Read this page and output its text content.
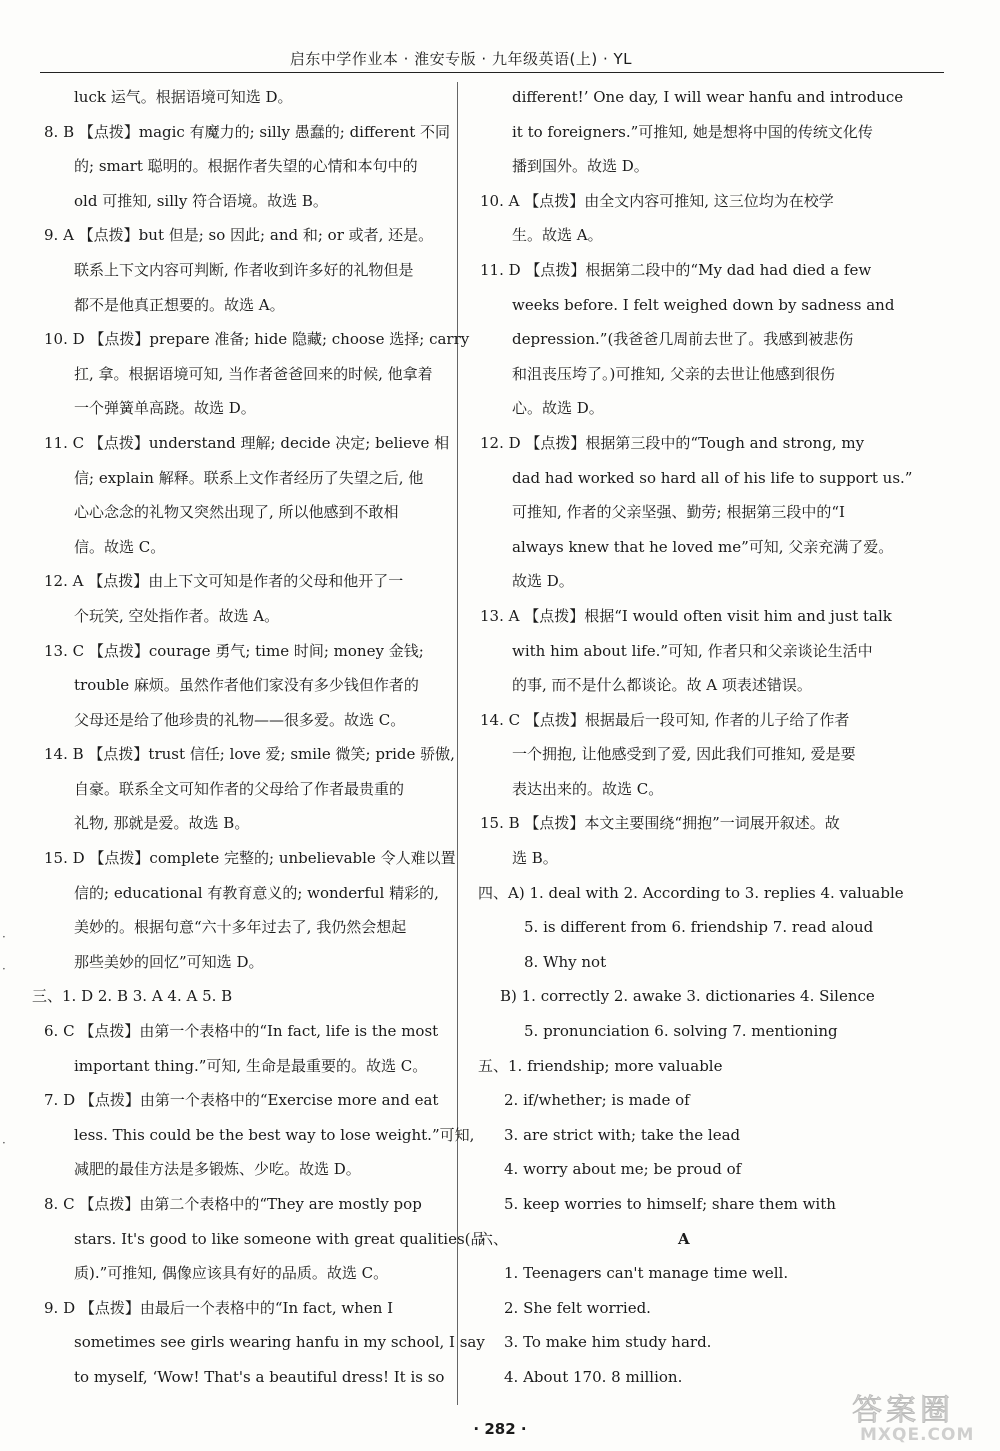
启东中学作业本 · 淮安专版 · 九年级英语(上) · YL
·
·
·
luck 运气。根据语境可知选 D。
8. B 【点拨】magic 有魔力的; silly 愚蠢的; different 不同
的; smart 聪明的。根据作者失望的心情和本句中的
old 可推知, silly 符合语境。故选 B。
9. A 【点拨】but 但是; so 因此; and 和; or 或者, 还是。
联系上下文内容可判断, 作者收到许多好的礼物但是
都不是他真正想要的。故选 A。
10. D 【点拨】prepare 准备; hide 隐藏; choose 选择; carry
扛, 拿。根据语境可知, 当作者爸爸回来的时候, 他拿着
一个弹簧单高跷。故选 D。
11. C 【点拨】understand 理解; decide 决定; believe 相
信; explain 解释。联系上文作者经历了失望之后, 他
心心念念的礼物又突然出现了, 所以他感到不敢相
信。故选 C。
12. A 【点拨】由上下文可知是作者的父母和他开了一
个玩笑, 空处指作者。故选 A。
13. C 【点拨】courage 勇气; time 时间; money 金钱;
trouble 麻烦。虽然作者他们家没有多少钱但作者的
父母还是给了他珍贵的礼物——很多爱。故选 C。
14. B 【点拨】trust 信任; love 爱; smile 微笑; pride 骄傲,
自豪。联系全文可知作者的父母给了作者最贵重的
礼物, 那就是爱。故选 B。
15. D 【点拨】complete 完整的; unbelievable 令人难以置
信的; educational 有教育意义的; wonderful 精彩的,
美妙的。根据句意“六十多年过去了, 我仍然会想起
那些美妙的回忆”可知选 D。
三、1. D 2. B 3. A 4. A 5. B
6. C 【点拨】由第一个表格中的“In fact, life is the most
important thing.”可知, 生命是最重要的。故选 C。
7. D 【点拨】由第一个表格中的“Exercise more and eat
less. This could be the best way to lose weight.”可知,
减肥的最佳方法是多锻炼、少吃。故选 D。
8. C 【点拨】由第二个表格中的“They are mostly pop
stars. It's good to like someone with great qualities(品
质).”可推知, 偶像应该具有好的品质。故选 C。
9. D 【点拨】由最后一个表格中的“In fact, when I
sometimes see girls wearing hanfu in my school, I say
to myself, ‘Wow! That's a beautiful dress! It is so
different!’ One day, I will wear hanfu and introduce
it to foreigners.”可推知, 她是想将中国的传统文化传
播到国外。故选 D。
10. A 【点拨】由全文内容可推知, 这三位均为在校学
生。故选 A。
11. D 【点拨】根据第二段中的“My dad had died a few
weeks before. I felt weighed down by sadness and
depression.”(我爸爸几周前去世了。我感到被悲伤
和沮丧压垮了。)可推知, 父亲的去世让他感到很伤
心。故选 D。
12. D 【点拨】根据第三段中的“Tough and strong, my
dad had worked so hard all of his life to support us.”
可推知, 作者的父亲坚强、勤劳; 根据第三段中的“I
always knew that he loved me”可知, 父亲充满了爱。
故选 D。
13. A 【点拨】根据“I would often visit him and just talk
with him about life.”可知, 作者只和父亲谈论生活中
的事, 而不是什么都谈论。故 A 项表述错误。
14. C 【点拨】根据最后一段可知, 作者的儿子给了作者
一个拥抱, 让他感受到了爱, 因此我们可推知, 爱是要
表达出来的。故选 C。
15. B 【点拨】本文主要围绕“拥抱”一词展开叙述。故
选 B。
四、A) 1. deal with 2. According to 3. replies 4. valuable
5. is different from 6. friendship 7. read aloud
8. Why not
B) 1. correctly 2. awake 3. dictionaries 4. Silence
5. pronunciation 6. solving 7. mentioning
五、1. friendship; more valuable
2. if/whether; is made of
3. are strict with; take the lead
4. worry about me; be proud of
5. keep worries to himself; share them with
六、	A
1. Teenagers can't manage time well.
2. She felt worried.
3. To make him study hard.
4. About 170. 8 million.
· 282 ·
答案圈
MXQE.COM
